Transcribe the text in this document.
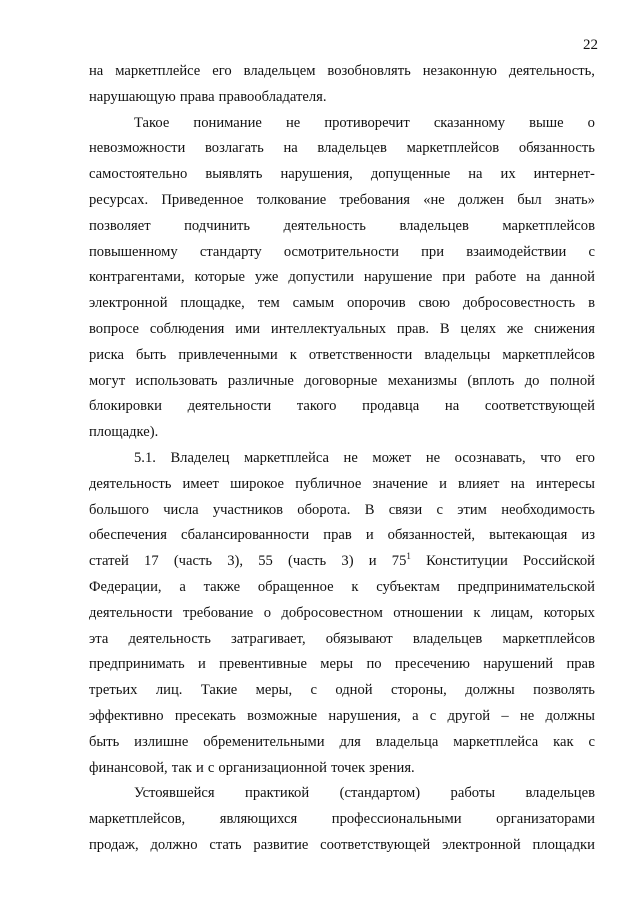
22
на маркетплейсе его владельцем возобновлять незаконную деятельность,
нарушающую права правообладателя.
Такое понимание не противоречит сказанному выше о
невозможности возлагать на владельцев маркетплейсов обязанность
самостоятельно выявлять нарушения, допущенные на их интернет-
ресурсах. Приведенное толкование требования «не должен был знать»
позволяет подчинить деятельность владельцев маркетплейсов
повышенному стандарту осмотрительности при взаимодействии с
контрагентами, которые уже допустили нарушение при работе на данной
электронной площадке, тем самым опорочив свою добросовестность в
вопросе соблюдения ими интеллектуальных прав. В целях же снижения
риска быть привлеченными к ответственности владельцы маркетплейсов
могут использовать различные договорные механизмы (вплоть до полной
блокировки деятельности такого продавца на соответствующей
площадке).
5.1. Владелец маркетплейса не может не осознавать, что его
деятельность имеет широкое публичное значение и влияет на интересы
большого числа участников оборота. В связи с этим необходимость
обеспечения сбалансированности прав и обязанностей, вытекающая из
статей 17 (часть 3), 55 (часть 3) и $75^1$ Конституции Российской
Федерации, а также обращенное к субъектам предпринимательской
деятельности требование о добросовестном отношении к лицам, которых
эта деятельность затрагивает, обязывают владельцев маркетплейсов
предпринимать и превентивные меры по пресечению нарушений прав
третьих лиц. Такие меры, с одной стороны, должны позволять
эффективно пресекать возможные нарушения, а с другой – не должны
быть излишне обременительными для владельца маркетплейса как с
финансовой, так и с организационной точек зрения.
Устоявшейся практикой (стандартом) работы владельцев
маркетплейсов, являющихся профессиональными организаторами
продаж, должно стать развитие соответствующей электронной площадки
